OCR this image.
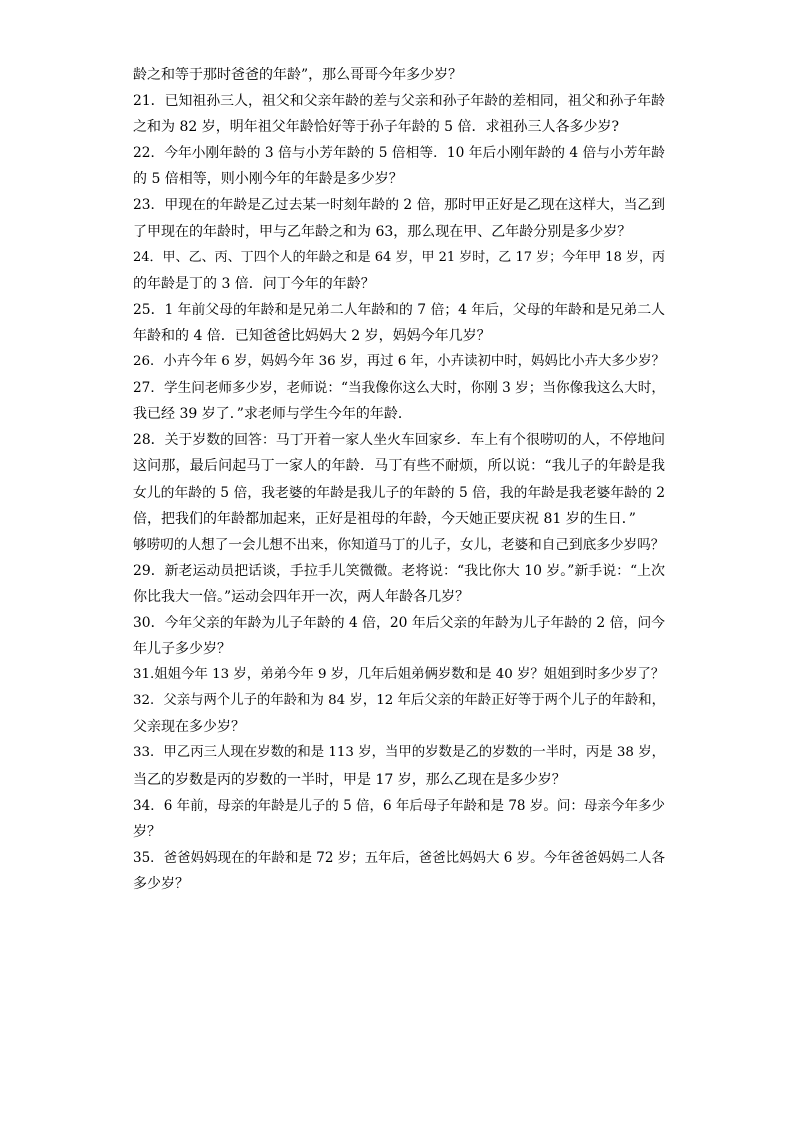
龄之和等于那时爸爸的年龄”，那么哥哥今年多少岁？
21．已知祖孙三人，祖父和父亲年龄的差与父亲和孙子年龄的差相同，祖父和孙子年龄
之和为 82 岁，明年祖父年龄恰好等于孙子年龄的 5 倍．求祖孙三人各多少岁?
22．今年小刚年龄的 3 倍与小芳年龄的 5 倍相等．10 年后小刚年龄的 4 倍与小芳年龄
的 5 倍相等，则小刚今年的年龄是多少岁？
23．甲现在的年龄是乙过去某一时刻年龄的 2 倍，那时甲正好是乙现在这样大，当乙到
了甲现在的年龄时，甲与乙年龄之和为 63，那么现在甲、乙年龄分别是多少岁？
24．甲、乙、丙、丁四个人的年龄之和是 64 岁，甲 21 岁时，乙 17 岁；今年甲 18 岁，丙
的年龄是丁的 3 倍．问丁今年的年龄？
25．1 年前父母的年龄和是兄弟二人年龄和的 7 倍；4 年后，父母的年龄和是兄弟二人
年龄和的 4 倍．已知爸爸比妈妈大 2 岁，妈妈今年几岁？
26．小卉今年 6 岁，妈妈今年 36 岁，再过 6 年，小卉读初中时，妈妈比小卉大多少岁？
27．学生问老师多少岁，老师说：“当我像你这么大时，你刚 3 岁；当你像我这么大时，
我已经 39 岁了．”求老师与学生今年的年龄．
28．关于岁数的回答：马丁开着一家人坐火车回家乡．车上有个很唠叨的人，不停地问
这问那，最后问起马丁一家人的年龄．马丁有些不耐烦，所以说：“我儿子的年龄是我
女儿的年龄的 5 倍，我老婆的年龄是我儿子的年龄的 5 倍，我的年龄是我老婆年龄的 2
倍，把我们的年龄都加起来，正好是祖母的年龄，今天她正要庆祝 81 岁的生日．”
够唠叨的人想了一会儿想不出来，你知道马丁的儿子，女儿，老婆和自己到底多少岁吗？
29．新老运动员把话谈，手拉手儿笑微微。老将说：“我比你大 10 岁。”新手说：“上次
你比我大一倍。”运动会四年开一次，两人年龄各几岁？
30．今年父亲的年龄为儿子年龄的 4 倍，20 年后父亲的年龄为儿子年龄的 2 倍，问今
年儿子多少岁？
31.姐姐今年 13 岁，弟弟今年 9 岁，几年后姐弟俩岁数和是 40 岁？姐姐到时多少岁了？
32．父亲与两个儿子的年龄和为 84 岁，12 年后父亲的年龄正好等于两个儿子的年龄和，
父亲现在多少岁？
33．甲乙丙三人现在岁数的和是 113 岁，当甲的岁数是乙的岁数的一半时，丙是 38 岁，
当乙的岁数是丙的岁数的一半时，甲是 17 岁，那么乙现在是多少岁？
34．6 年前，母亲的年龄是儿子的 5 倍，6 年后母子年龄和是 78 岁。问：母亲今年多少
岁？
35．爸爸妈妈现在的年龄和是 72 岁；五年后，爸爸比妈妈大 6 岁。今年爸爸妈妈二人各
多少岁？
